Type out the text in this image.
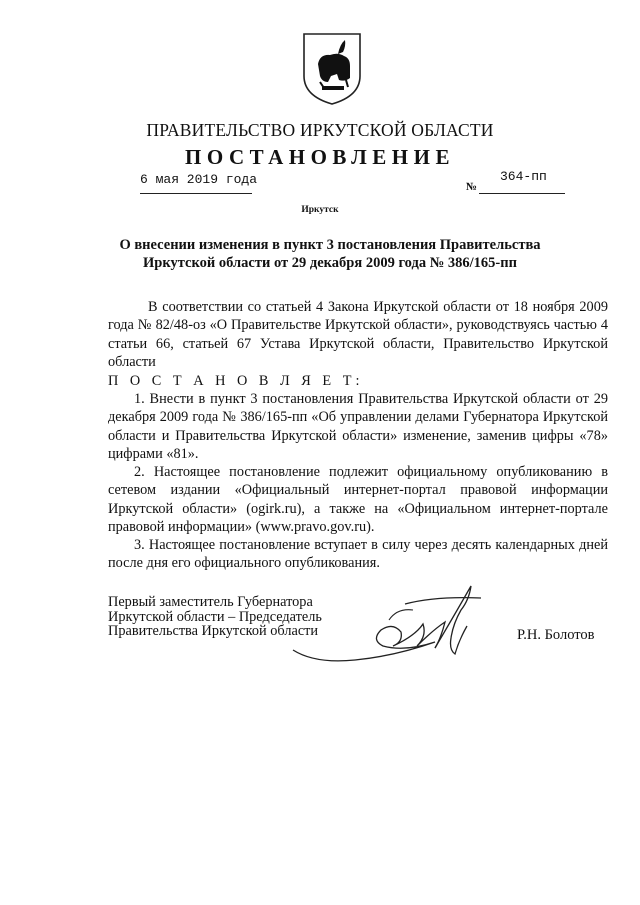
ПРАВИТЕЛЬСТВО ИРКУТСКОЙ ОБЛАСТИ
ПОСТАНОВЛЕНИЕ
6 мая 2019 года	№
364-пп
Иркутск
О внесении изменения в пункт 3 постановления Правительства
Иркутской области от 29 декабря 2009 года № 386/165-пп
В соответствии со статьей 4 Закона Иркутской области от 18 ноября 2009 года № 82/48-оз «О Правительстве Иркутской области», руководствуясь частью 4 статьи 66, статьей 67 Устава Иркутской области, Правительство Иркутской области
П О С Т А Н О В Л Я Е Т:
1. Внести в пункт 3 постановления Правительства Иркутской области от 29 декабря 2009 года № 386/165-пп «Об управлении делами Губернатора Иркутской области и Правительства Иркутской области» изменение, заменив цифры «78» цифрами «81».
2. Настоящее постановление подлежит официальному опубликованию в сетевом издании «Официальный интернет-портал правовой информации Иркутской области» (ogirk.ru), а также на «Официальном интернет-портале правовой информации» (www.pravo.gov.ru).
3. Настоящее постановление вступает в силу через десять календарных дней после дня его официального опубликования.
Первый заместитель Губернатора
Иркутской области – Председатель
Правительства Иркутской области	Р.Н. Болотов
